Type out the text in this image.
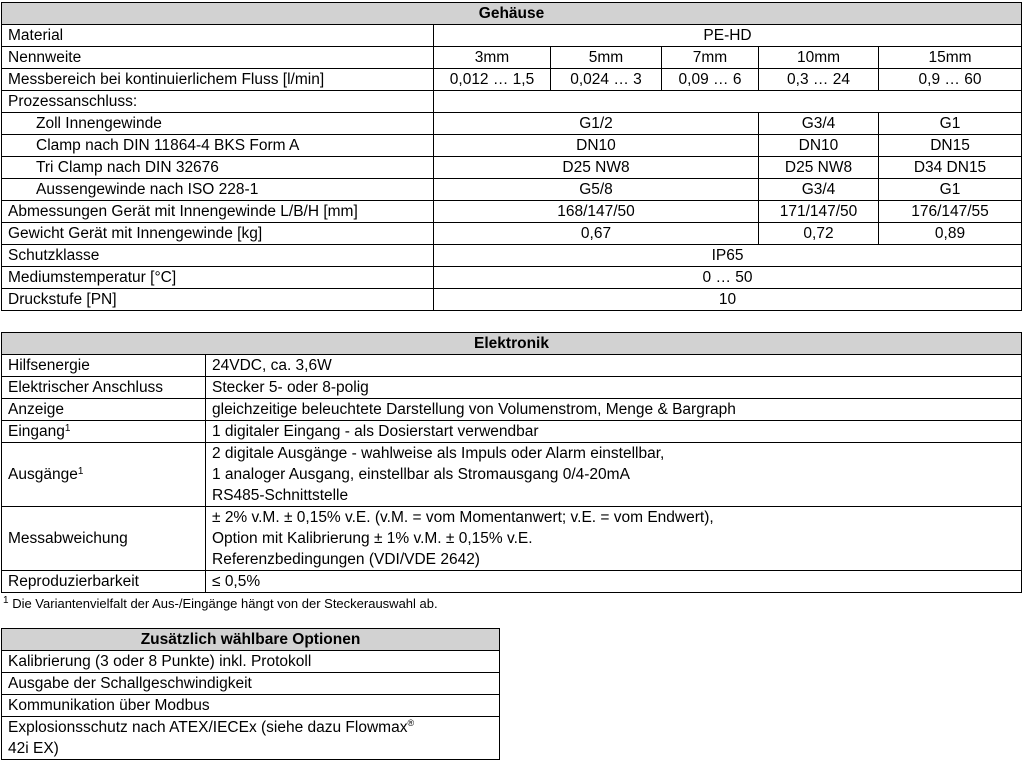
Gehäuse					
Material	PE-HD				
Nennweite	3mm	5mm	7mm	10mm	15mm
Messbereich bei kontinuierlichem Fluss [l/min]	0,012 … 1,5	0,024 … 3	0,09 … 6	0,3 … 24	0,9 … 60
Prozessanschluss:					
Zoll Innengewinde	G1/2			G3/4	G1
Clamp nach DIN 11864-4 BKS Form A	DN10			DN10	DN15
Tri Clamp nach DIN 32676	D25 NW8			D25 NW8	D34 DN15
Aussengewinde nach ISO 228-1	G5/8			G3/4	G1
Abmessungen Gerät mit Innengewinde L/B/H [mm]	168/147/50			171/147/50	176/147/55
Gewicht Gerät mit Innengewinde [kg]	0,67			0,72	0,89
Schutzklasse	IP65				
Mediumstemperatur [°C]	0 … 50				
Druckstufe [PN]	10				
Elektronik	
Hilfsenergie	24VDC, ca. 3,6W
Elektrischer Anschluss	Stecker 5- oder 8-polig
Anzeige	gleichzeitige beleuchtete Darstellung von Volumenstrom, Menge & Bargraph
Eingang$^1$	1 digitaler Eingang - als Dosierstart verwendbar
Ausgänge$^1$	2 digitale Ausgänge - wahlweise als Impuls oder Alarm einstellbar,
1 analoger Ausgang, einstellbar als Stromausgang 0/4-20mA
RS485-Schnittstelle

Messabweichung	± 2% v.M. ± 0,15% v.E. (v.M. = vom Momentanwert; v.E. = vom Endwert),
Option mit Kalibrierung ± 1% v.M. ± 0,15% v.E.
Referenzbedingungen (VDI/VDE 2642)

Reproduzierbarkeit	≤ 0,5%
$^1$ Die Variantenvielfalt der Aus-/Eingänge hängt von der Steckerauswahl ab.
Zusätzlich wählbare Optionen
Kalibrierung (3 oder 8 Punkte) inkl. Protokoll
Ausgabe der Schallgeschwindigkeit
Kommunikation über Modbus
Explosionsschutz nach ATEX/IECEx (siehe dazu Flowmax®
42i EX)
